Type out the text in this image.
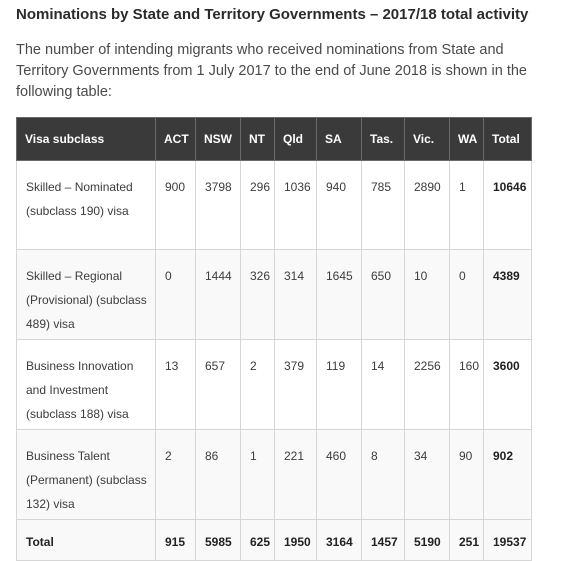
Nominations by State and Territory Governments – 2017/18 total activity

The number of intending migrants who received nominations from State and Territory Governments from 1 July 2017 to the end of June 2018 is shown in the following table:

Visa subclass	ACT	NSW	NT	Qld	SA	Tas.	Vic.	WA	Total
Skilled – Nominated (subclass 190) visa	900	3798	296	1036	940	785	2890	1	10646
Skilled – Regional (Provisional) (subclass 489) visa	0	1444	326	314	1645	650	10	0	4389
Business Innovation and Investment (subclass 188) visa	13	657	2	379	119	14	2256	160	3600
Business Talent (Permanent) (subclass 132) visa	2	86	1	221	460	8	34	90	902
Total	915	5985	625	1950	3164	1457	5190	251	19537
